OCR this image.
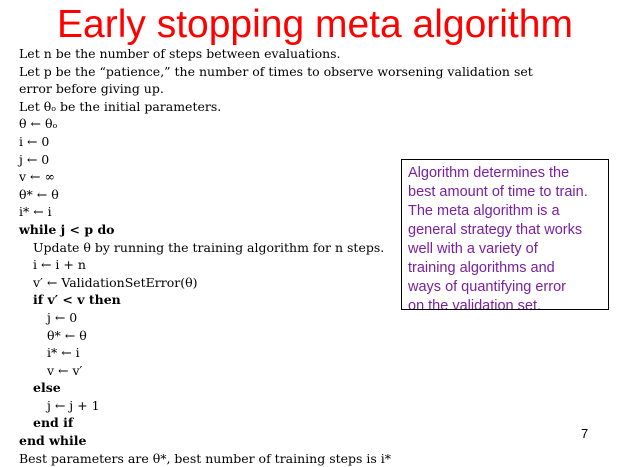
Early stopping meta algorithm
Let n be the number of steps between evaluations.
Let p be the “patience,” the number of times to observe worsening validation set
error before giving up.
Let θₒ be the initial parameters.
θ ← θₒ
i ← 0
j ← 0
v ← ∞
θ* ← θ
i* ← i
while j < p do
Update θ by running the training algorithm for n steps.
i ← i + n
v′ ← ValidationSetError(θ)
if v′ < v then
j ← 0
θ* ← θ
i* ← i
v ← v′
else
j ← j + 1
end if
end while
Best parameters are θ*, best number of training steps is i*
Algorithm determines the
best amount of time to train.
The meta algorithm is a
general strategy that works
well with a variety of
training algorithms and
ways of quantifying error
on the validation set.
7
